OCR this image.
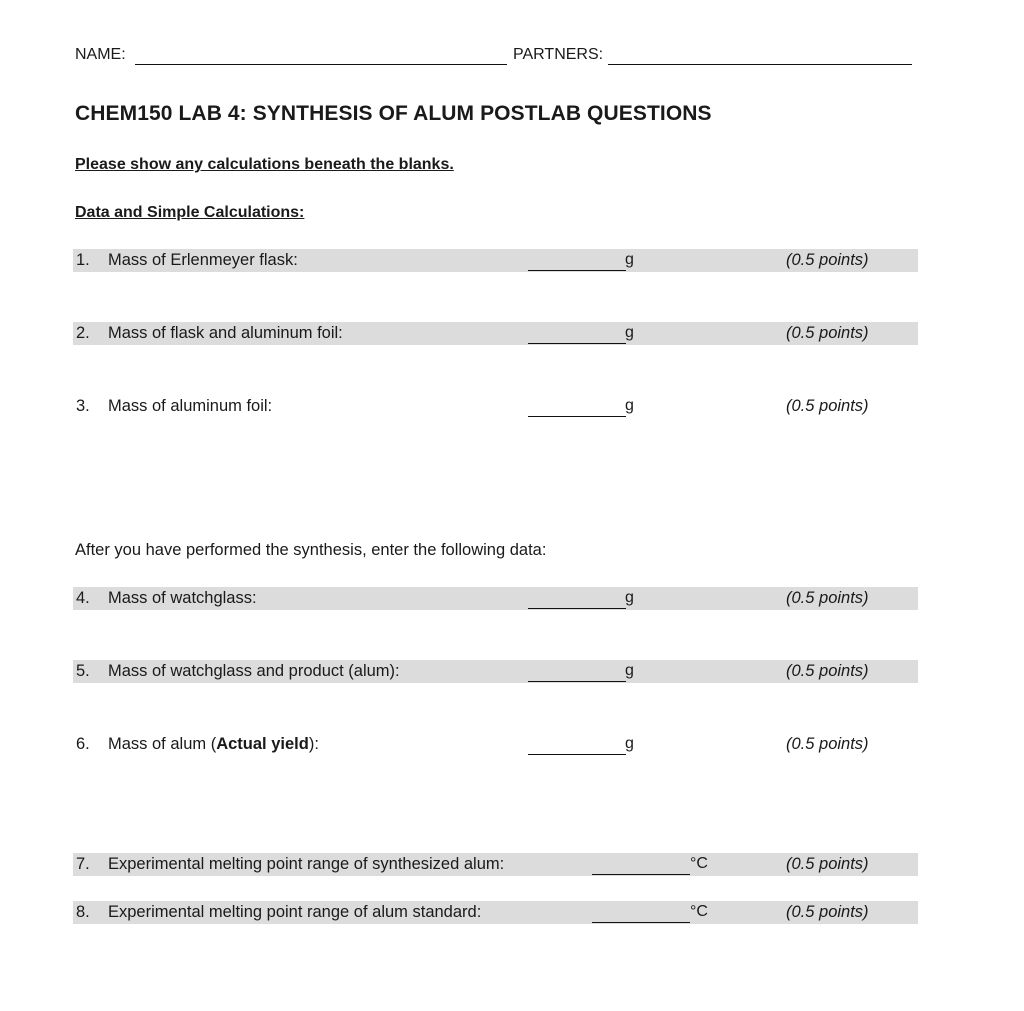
NAME:	PARTNERS:
CHEM150 LAB 4: SYNTHESIS OF ALUM POSTLAB QUESTIONS
Please show any calculations beneath the blanks.
Data and Simple Calculations:
1. Mass of Erlenmeyer flask:	g	(0.5 points)
2. Mass of flask and aluminum foil:	g	(0.5 points)
3. Mass of aluminum foil:	g	(0.5 points)
After you have performed the synthesis, enter the following data:
4. Mass of watchglass:	g	(0.5 points)
5. Mass of watchglass and product (alum):	g	(0.5 points)
6. Mass of alum (Actual yield):	g	(0.5 points)
7. Experimental melting point range of synthesized alum:	°C	(0.5 points)
8. Experimental melting point range of alum standard:	°C	(0.5 points)
